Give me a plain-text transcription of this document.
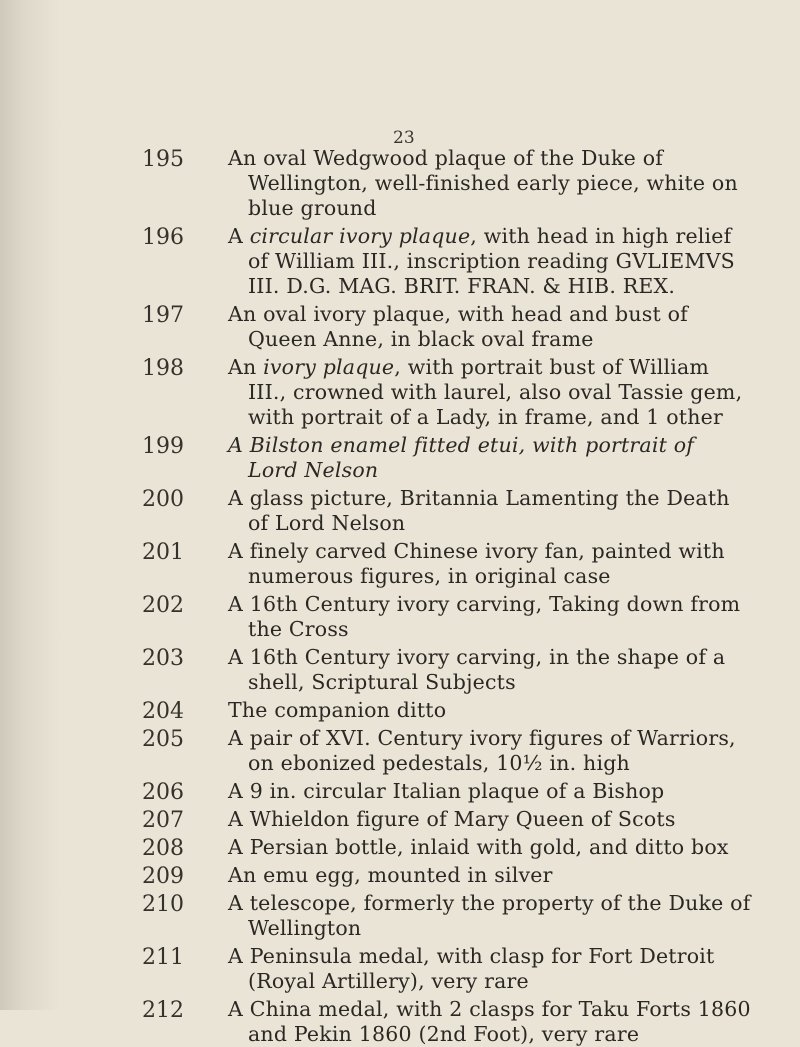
23
195	An oval Wedgwood plaque of the Duke of
Wellington, well-finished early piece, white on
blue ground
196	A circular ivory plaque, with head in high relief
of William III., inscription reading GVLIEMVS
III. D.G. MAG. BRIT. FRAN. & HIB. REX.
197	An oval ivory plaque, with head and bust of
Queen Anne, in black oval frame
198	An ivory plaque, with portrait bust of William
III., crowned with laurel, also oval Tassie gem,
with portrait of a Lady, in frame, and 1 other
199	A Bilston enamel fitted etui, with portrait of
Lord Nelson
200	A glass picture, Britannia Lamenting the Death
of Lord Nelson
201	A finely carved Chinese ivory fan, painted with
numerous figures, in original case
202	A 16th Century ivory carving, Taking down from
the Cross
203	A 16th Century ivory carving, in the shape of a
shell, Scriptural Subjects
204	The companion ditto
205	A pair of XVI. Century ivory figures of Warriors,
on ebonized pedestals, 10½ in. high
206	A 9 in. circular Italian plaque of a Bishop
207	A Whieldon figure of Mary Queen of Scots
208	A Persian bottle, inlaid with gold, and ditto box
209	An emu egg, mounted in silver
210	A telescope, formerly the property of the Duke of
Wellington
211	A Peninsula medal, with clasp for Fort Detroit
(Royal Artillery), very rare
212	A China medal, with 2 clasps for Taku Forts 1860
and Pekin 1860 (2nd Foot), very rare
